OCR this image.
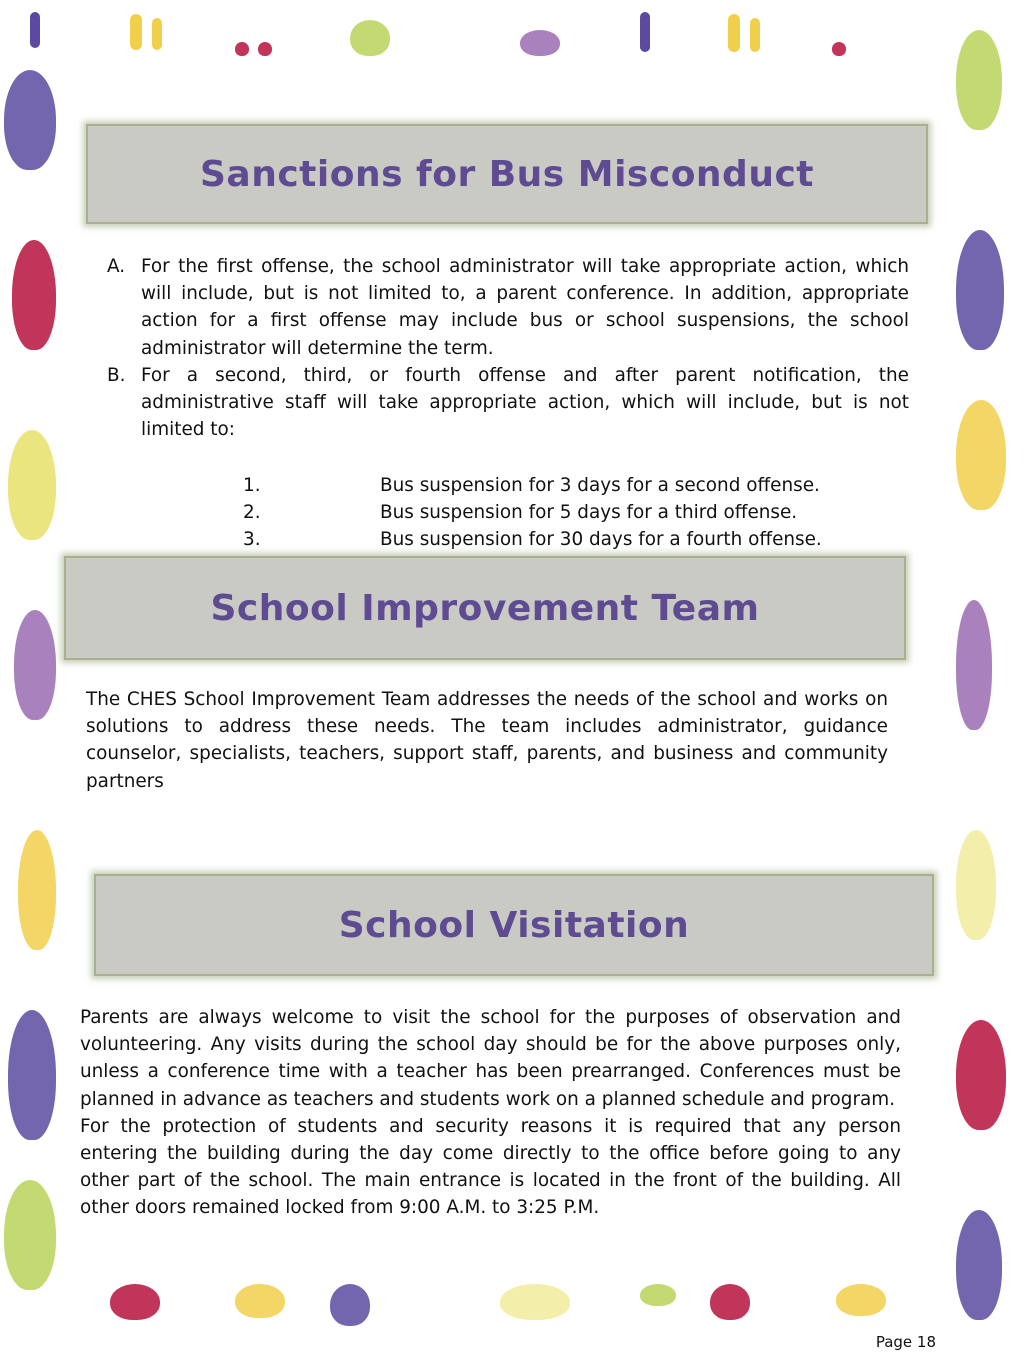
Sanctions for Bus Misconduct
A. For the first offense, the school administrator will take appropriate action, which will include, but is not limited to, a parent conference. In addition, appropriate action for a first offense may include bus or school suspensions, the school administrator will determine the term.
B. For a second, third, or fourth offense and after parent notification, the administrative staff will take appropriate action, which will include, but is not limited to:
1.	Bus suspension for 3 days for a second offense.
2.	Bus suspension for 5 days for a third offense.
3.	Bus suspension for 30 days for a fourth offense.
School Improvement Team

The CHES School Improvement Team addresses the needs of the school and works on solutions to address these needs. The team includes administrator, guidance counselor, specialists, teachers, support staff, parents, and business and community partners

School Visitation
Parents are always welcome to visit the school for the purposes of observation and volunteering. Any visits during the school day should be for the above purposes only, unless a conference time with a teacher has been prearranged. Conferences must be planned in advance as teachers and students work on a planned schedule and program.
For the protection of students and security reasons it is required that any person entering the building during the day come directly to the office before going to any other part of the school. The main entrance is located in the front of the building. All other doors remained locked from 9:00 A.M. to 3:25 P.M.
Page 18
